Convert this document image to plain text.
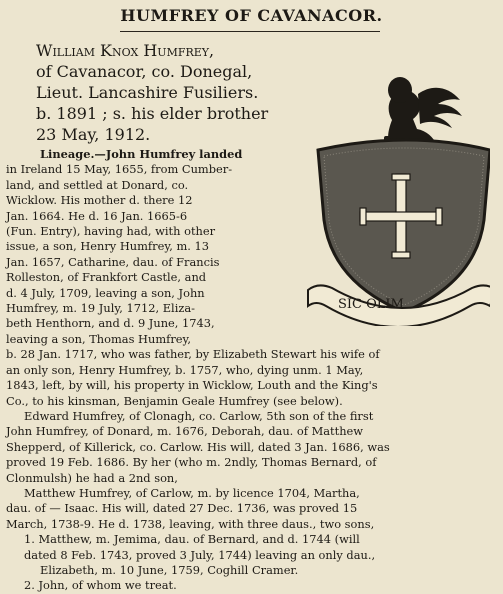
HUMFREY OF CAVANACOR.
William Knox Humfrey,
of Cavanacor, co. Donegal,
Lieut. Lancashire Fusiliers.
b. 1891 ; s. his elder brother
23 May, 1912.
SIC OLIM
Lineage.—John Humfrey landed
in Ireland 15 May, 1655, from Cumber-
land, and settled at Donard, co.
Wicklow. His mother d. there 12
Jan. 1664. He d. 16 Jan. 1665-6
(Fun. Entry), having had, with other
issue, a son, Henry Humfrey, m. 13
Jan. 1657, Catharine, dau. of Francis
Rolleston, of Frankfort Castle, and
d. 4 July, 1709, leaving a son, John
Humfrey, m. 19 July, 1712, Eliza-
beth Henthorn, and d. 9 June, 1743,
leaving a son, Thomas Humfrey,
b. 28 Jan. 1717, who was father, by Elizabeth Stewart his wife of
an only son, Henry Humfrey, b. 1757, who, dying unm. 1 May,
1843, left, by will, his property in Wicklow, Louth and the King's
Co., to his kinsman, Benjamin Geale Humfrey (see below).
Edward Humfrey, of Clonagh, co. Carlow, 5th son of the first
John Humfrey, of Donard, m. 1676, Deborah, dau. of Matthew
Shepperd, of Killerick, co. Carlow. His will, dated 3 Jan. 1686, was
proved 19 Feb. 1686. By her (who m. 2ndly, Thomas Bernard, of
Clonmulsh) he had a 2nd son,
Matthew Humfrey, of Carlow, m. by licence 1704, Martha,
dau. of — Isaac. His will, dated 27 Dec. 1736, was proved 15
March, 1738-9. He d. 1738, leaving, with three daus., two sons,
1. Matthew, m. Jemima, dau. of Bernard, and d. 1744 (will
dated 8 Feb. 1743, proved 3 July, 1744) leaving an only dau.,
Elizabeth, m. 10 June, 1759, Coghill Cramer.
2. John, of whom we treat.
